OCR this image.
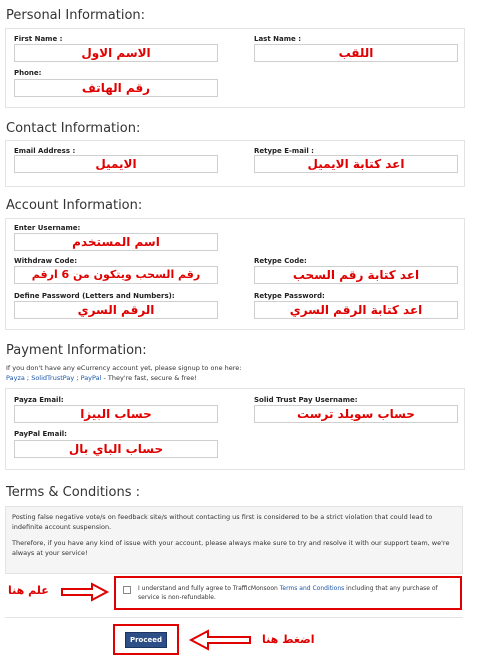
Personal Information:
First Name :
الاسم الاول
Last Name :
اللقب
Phone:
رقم الهاتف
Contact Information:
Email Address :
الايميل
Retype E-mail :
اعد كتابة الايميل
Account Information:
Enter Username:
اسم المستخدم
Withdraw Code:
رقم السحب ويتكون من 6 ارقم
Retype Code:
اعد كتابة رقم السحب
Define Password (Letters and Numbers):
الرقم السري
Retype Password:
اعد كتابة الرقم السري
Payment Information:
If you don't have any eCurrency account yet, please signup to one here:
Payza ; SolidTrustPay ; PayPal - They're fast, secure & free!
Payza Email:
حساب البيزا
Solid Trust Pay Username:
حساب سويلد ترست
PayPal Email:
حساب الباي بال
Terms & Conditions :
Posting false negative vote/s on feedback site/s without contacting us first is considered to be a strict violation that could lead to indefinite account suspension.
Therefore, if you have any kind of issue with your account, please always make sure to try and resolve it with our support team, we're always at your service!
I understand and fully agree to TrafficMonsoon Terms and Conditions including that any purchase of service is non-refundable.
علم هنا
Proceed	اضغط هنا
